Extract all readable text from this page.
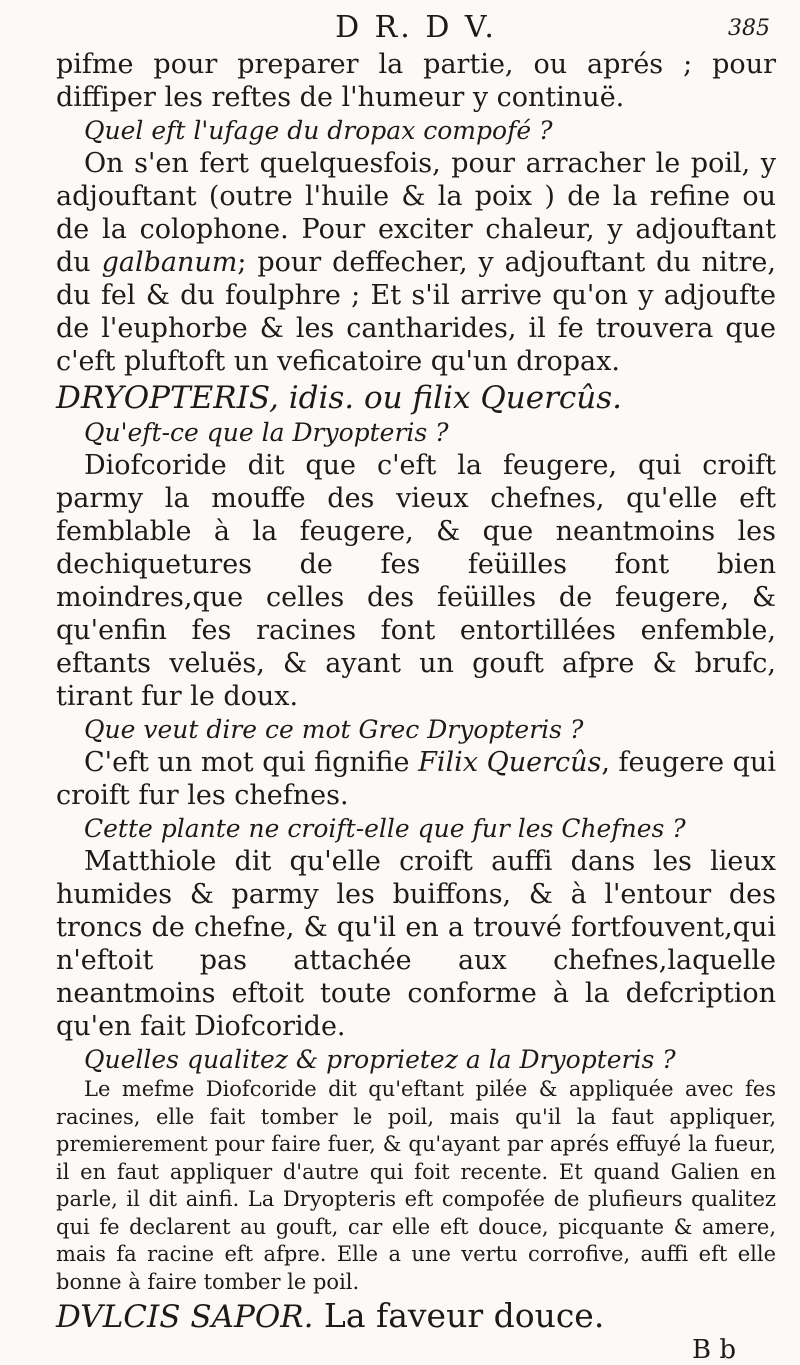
D R. D V.	385

pifme pour preparer la partie, ou aprés ; pour diffiper les reftes de l'humeur y continuë.

Quel eft l'ufage du dropax compofé ?

On s'en fert quelquesfois, pour arracher le poil, y adjouftant (outre l'huile & la poix ) de la refine ou de la colophone. Pour exciter chaleur, y adjouftant du galbanum; pour deffecher, y adjouftant du nitre, du fel & du foulphre ; Et s'il arrive qu'on y adjoufte de l'euphorbe & les cantharides, il fe trouvera que c'eft pluftoft un veficatoire qu'un dropax.

DRYOPTERIS, idis. ou filix Quercûs.

Qu'eft-ce que la Dryopteris ?

Diofcoride dit que c'eft la feugere, qui croift parmy la mouffe des vieux chefnes, qu'elle eft femblable à la feugere, & que neantmoins les dechiquetures de fes feüilles font bien moindres,que celles des feüilles de feugere, & qu'enfin fes racines font entortillées enfemble, eftants veluës, & ayant un gouft afpre & brufc, tirant fur le doux.

Que veut dire ce mot Grec Dryopteris ?

C'eft un mot qui fignifie Filix Quercûs, feugere qui croift fur les chefnes.

Cette plante ne croift-elle que fur les Chefnes ?

Matthiole dit qu'elle croift auffi dans les lieux humides & parmy les buiffons, & à l'entour des troncs de chefne, & qu'il en a trouvé fortfouvent,qui n'eftoit pas attachée aux chefnes,laquelle neantmoins eftoit toute conforme à la defcription qu'en fait Diofcoride.

Quelles qualitez & proprietez a la Dryopteris ?

Le mefme Diofcoride dit qu'eftant pilée & appliquée avec fes racines, elle fait tomber le poil, mais qu'il la faut appliquer, premierement pour faire fuer, & qu'ayant par aprés effuyé la fueur, il en faut appliquer d'autre qui foit recente. Et quand Galien en parle, il dit ainfi. La Dryopteris eft compofée de plufieurs qualitez qui fe declarent au gouft, car elle eft douce, picquante & amere, mais fa racine eft afpre. Elle a une vertu corrofive, auffi eft elle bonne à faire tomber le poil.

DVLCIS SAPOR. La faveur douce.

B b
